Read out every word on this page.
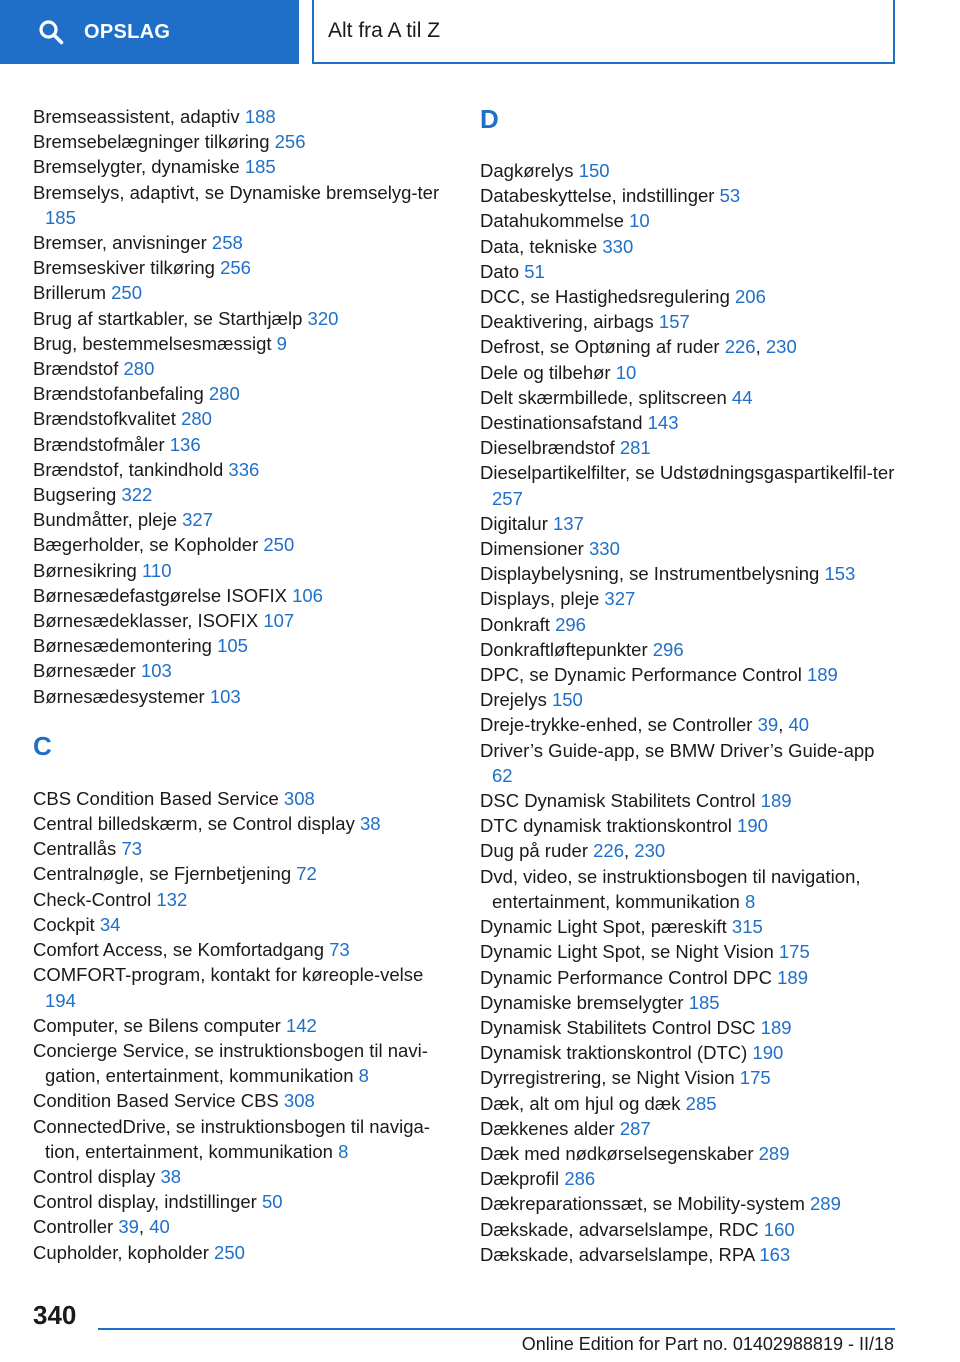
OPSLAG	Alt fra A til Z
Bremseassistent, adaptiv 188
Bremsebelægninger tilkøring 256
Bremselygter, dynamiske 185
Bremselys, adaptivt, se Dynamiske bremselyg-ter 185
Bremser, anvisninger 258
Bremseskiver tilkøring 256
Brillerum 250
Brug af startkabler, se Starthjælp 320
Brug, bestemmelsesmæssigt 9
Brændstof 280
Brændstofanbefaling 280
Brændstofkvalitet 280
Brændstofmåler 136
Brændstof, tankindhold 336
Bugsering 322
Bundmåtter, pleje 327
Bægerholder, se Kopholder 250
Børnesikring 110
Børnesædefastgørelse ISOFIX 106
Børnesædeklasser, ISOFIX 107
Børnesædemontering 105
Børnesæder 103
Børnesædesystemer 103
C
CBS Condition Based Service 308
Central billedskærm, se Control display 38
Centrallås 73
Centralnøgle, se Fjernbetjening 72
Check-Control 132
Cockpit 34
Comfort Access, se Komfortadgang 73
COMFORT-program, kontakt for køreople-velse 194
Computer, se Bilens computer 142
Concierge Service, se instruktionsbogen til navi-gation, entertainment, kommunikation 8
Condition Based Service CBS 308
ConnectedDrive, se instruktionsbogen til naviga-tion, entertainment, kommunikation 8
Control display 38
Control display, indstillinger 50
Controller 39, 40
Cupholder, kopholder 250
D
Dagkørelys 150
Databeskyttelse, indstillinger 53
Datahukommelse 10
Data, tekniske 330
Dato 51
DCC, se Hastighedsregulering 206
Deaktivering, airbags 157
Defrost, se Optøning af ruder 226, 230
Dele og tilbehør 10
Delt skærmbillede, splitscreen 44
Destinationsafstand 143
Dieselbrændstof 281
Dieselpartikelfilter, se Udstødningsgaspartikelfil-ter 257
Digitalur 137
Dimensioner 330
Displaybelysning, se Instrumentbelysning 153
Displays, pleje 327
Donkraft 296
Donkraftløftepunkter 296
DPC, se Dynamic Performance Control 189
Drejelys 150
Dreje-trykke-enhed, se Controller 39, 40
Driver’s Guide-app, se BMW Driver’s Guide-app 62
DSC Dynamisk Stabilitets Control 189
DTC dynamisk traktionskontrol 190
Dug på ruder 226, 230
Dvd, video, se instruktionsbogen til navigation, entertainment, kommunikation 8
Dynamic Light Spot, pæreskift 315
Dynamic Light Spot, se Night Vision 175
Dynamic Performance Control DPC 189
Dynamiske bremselygter 185
Dynamisk Stabilitets Control DSC 189
Dynamisk traktionskontrol (DTC) 190
Dyrregistrering, se Night Vision 175
Dæk, alt om hjul og dæk 285
Dækkenes alder 287
Dæk med nødkørselsegenskaber 289
Dækprofil 286
Dækreparationssæt, se Mobility-system 289
Dækskade, advarselslampe, RDC 160
Dækskade, advarselslampe, RPA 163
340
Online Edition for Part no. 01402988819 - II/18
